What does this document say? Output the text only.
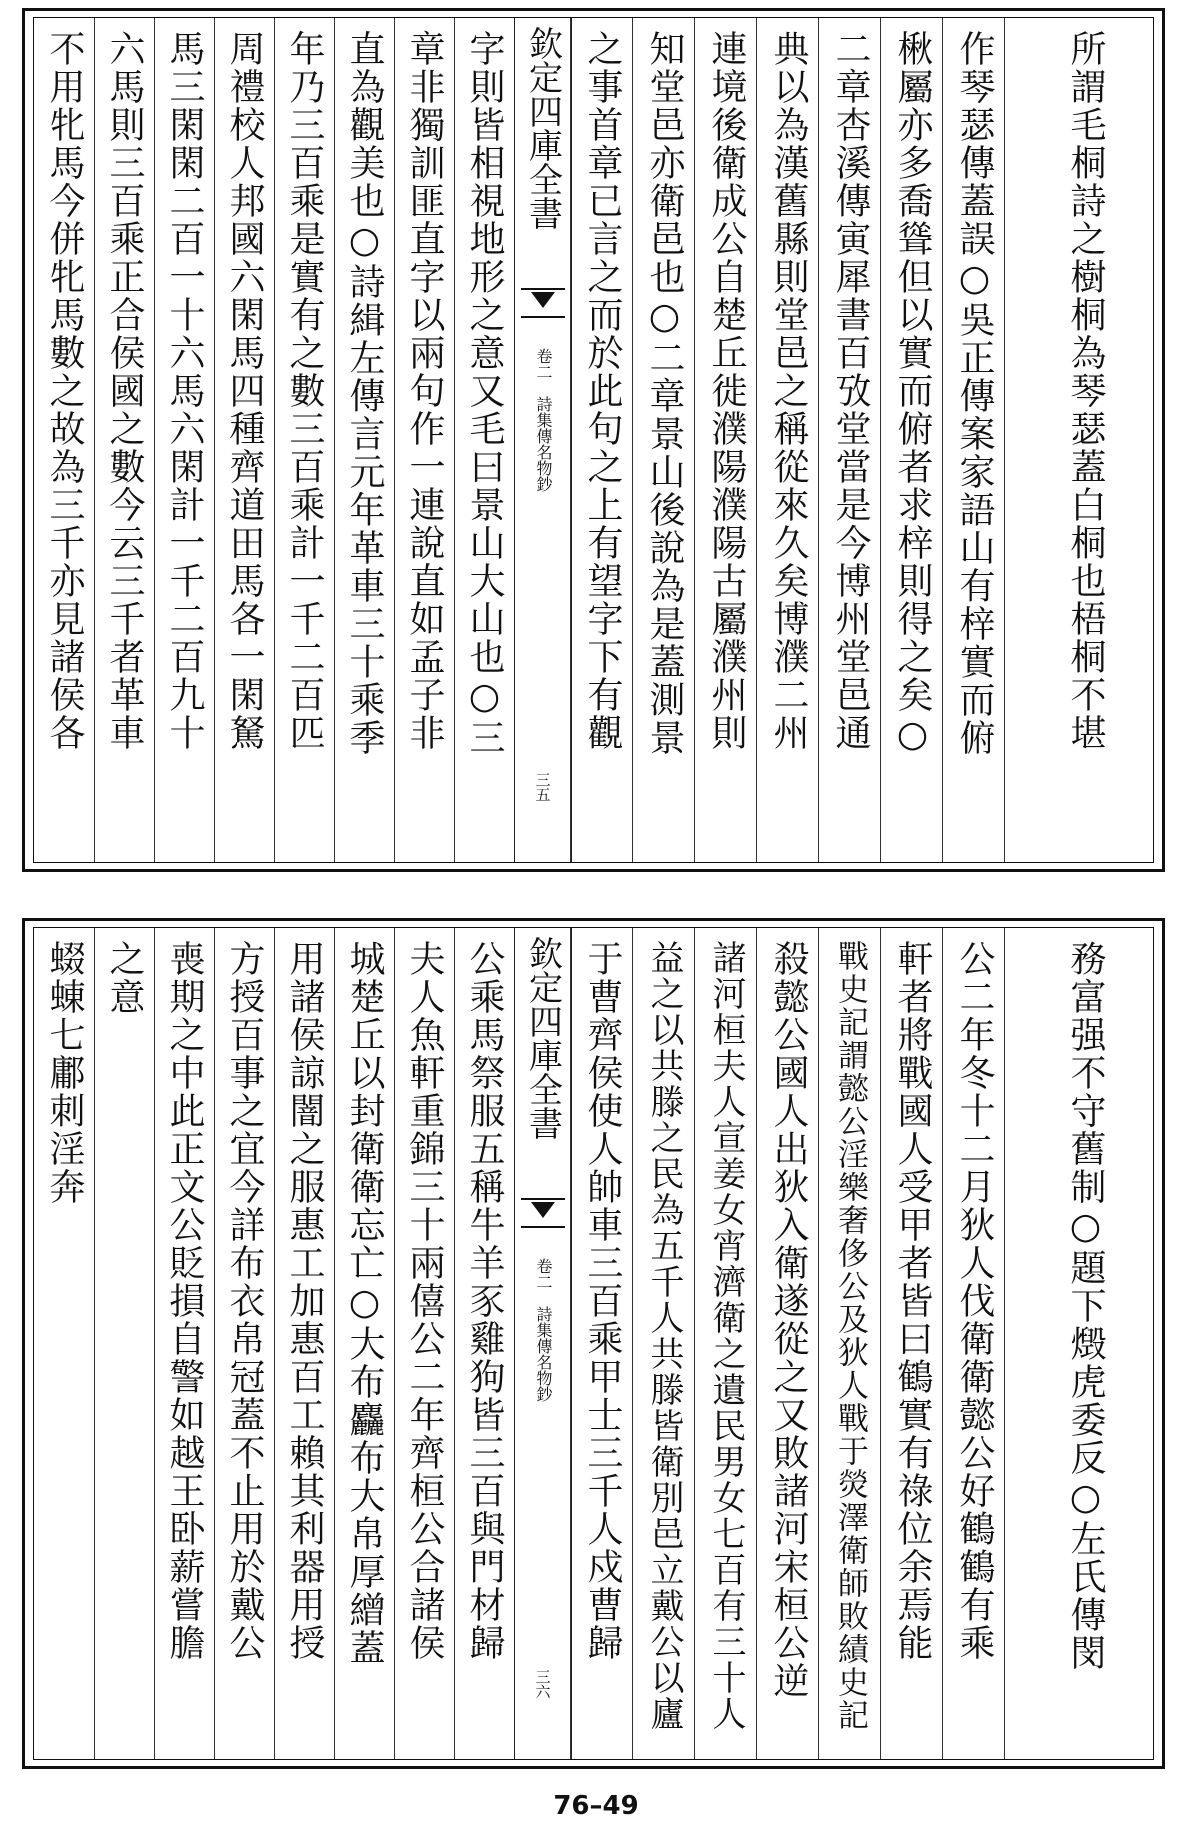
不用牝馬今併牝馬數之故為三千亦見諸侯各 六馬則三百乘正合侯國之數今云三千者革車 馬三閑閑二百一十六馬六閑計一千二百九十 周禮校人邦國六閑馬四種齊道田馬各一閑駑 年乃三百乘是實有之數三百乘計一千二百匹 直為觀美也○詩緝左傳言元年革車三十乘季 章非獨訓匪直字以兩句作一連說直如孟子非 字則皆相視地形之意又毛曰景山大山也○三 欽定四庫全書
卷二　詩集傳名物鈔
三五
之事首章已言之而於此句之上有望字下有觀 知堂邑亦衛邑也○二章景山後說為是蓋測景 連境後衛成公自楚丘徙濮陽濮陽古屬濮州則 典以為漢舊縣則堂邑之稱從來久矣博濮二州 二章杏溪傳寅犀書百攷堂當是今博州堂邑通 楸屬亦多喬聳但以實而俯者求梓則得之矣○ 作琴瑟傳蓋誤○吳正傳案家語山有梓實而俯	所謂毛桐詩之樹桐為琴瑟蓋白桐也梧桐不堪
蝃蝀七鄘刺淫奔 之意 喪期之中此正文公貶損自警如越王卧薪嘗膽 方授百事之宜今詳布衣帛冠蓋不止用於戴公 用諸侯諒闇之服惠工加惠百工賴其利器用授 城楚丘以封衛衛忘亡○大布麤布大帛厚繒蓋 夫人魚軒重錦三十兩僖公二年齊桓公合諸侯 公乘馬祭服五稱牛羊豕雞狗皆三百與門材歸 欽定四庫全書
卷二　詩集傳名物鈔
三六
于曹齊侯使人帥車三百乘甲士三千人戍曹歸 益之以共滕之民為五千人共滕皆衛別邑立戴公以廬 諸河桓夫人宣姜女宵濟衛之遺民男女七百有三十人 殺懿公國人出狄入衛遂從之又敗諸河宋桓公逆 戰史記謂懿公淫樂奢侈公及狄人戰于熒澤衛師敗績史記 軒者將戰國人受甲者皆曰鶴實有祿位余焉能 公二年冬十二月狄人伐衛衛懿公好鶴鶴有乘	務富强不守舊制○題下燬虎委反○左氏傳閔
76–49
